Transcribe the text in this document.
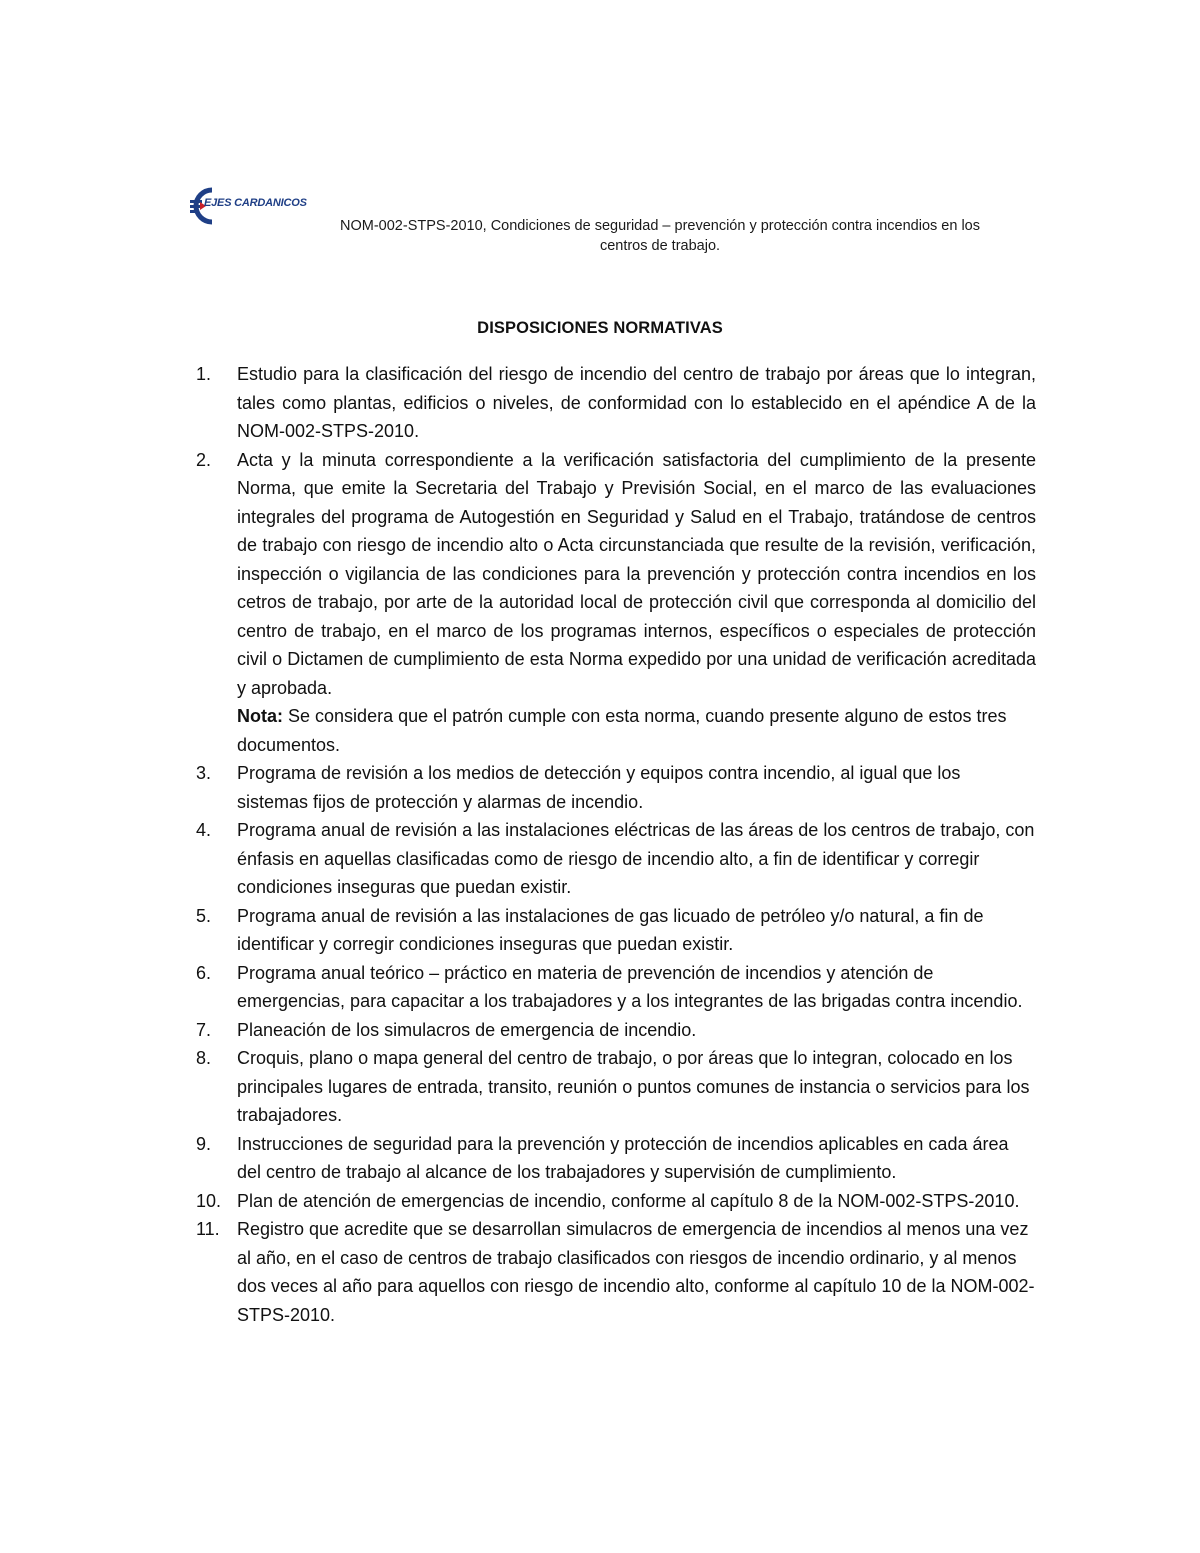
EJES CARDANICOS
NOM-002-STPS-2010, Condiciones de seguridad – prevención y protección contra incendios en los
centros de trabajo.
DISPOSICIONES NORMATIVAS
1.	Estudio para la clasificación del riesgo de incendio del centro de trabajo por áreas que lo integran, tales como plantas, edificios o niveles, de conformidad con lo establecido en el apéndice A de la NOM-002-STPS-2010.
2.	Acta y la minuta correspondiente a la verificación satisfactoria del cumplimiento de la presente Norma, que emite la Secretaria del Trabajo y Previsión Social, en el marco de las evaluaciones integrales del programa de Autogestión en Seguridad y Salud en el Trabajo, tratándose de centros de trabajo con riesgo de incendio alto o Acta circunstanciada que resulte de la revisión, verificación, inspección o vigilancia de las condiciones para la prevención y protección contra incendios en los cetros de trabajo, por arte de la autoridad local de protección civil que corresponda al domicilio del centro de trabajo, en el marco de los programas internos, específicos o especiales de protección civil o Dictamen de cumplimiento de esta Norma expedido por una unidad de verificación acreditada y aprobada.
Nota: Se considera que el patrón cumple con esta norma, cuando presente alguno de estos tres documentos.
3.	Programa de revisión a los medios de detección y equipos contra incendio, al igual que los sistemas fijos de protección y alarmas de incendio.
4.	Programa anual de revisión a las instalaciones eléctricas de las áreas de los centros de trabajo, con énfasis en aquellas clasificadas como de riesgo de incendio alto, a fin de identificar y corregir condiciones inseguras que puedan existir.
5.	Programa anual de revisión a las instalaciones de gas licuado de petróleo y/o natural, a fin de identificar y corregir condiciones inseguras que puedan existir.
6.	Programa anual teórico – práctico en materia de prevención de incendios y atención de emergencias, para capacitar a los trabajadores y a los integrantes de las brigadas contra incendio.
7.	Planeación de los simulacros de emergencia de incendio.
8.	Croquis, plano o mapa general del centro de trabajo, o por áreas que lo integran, colocado en los principales lugares de entrada, transito, reunión o puntos comunes de instancia o servicios para los trabajadores.
9.	Instrucciones de seguridad para la prevención y protección de incendios aplicables en cada área del centro de trabajo al alcance de los trabajadores y supervisión de cumplimiento.
10. Plan de atención de emergencias de incendio, conforme al capítulo 8 de la NOM-002-STPS-2010.
11. Registro que acredite que se desarrollan simulacros de emergencia de incendios al menos una vez al año, en el caso de centros de trabajo clasificados con riesgos de incendio ordinario, y al menos dos veces al año para aquellos con riesgo de incendio alto, conforme al capítulo 10 de la NOM-002-STPS-2010.
